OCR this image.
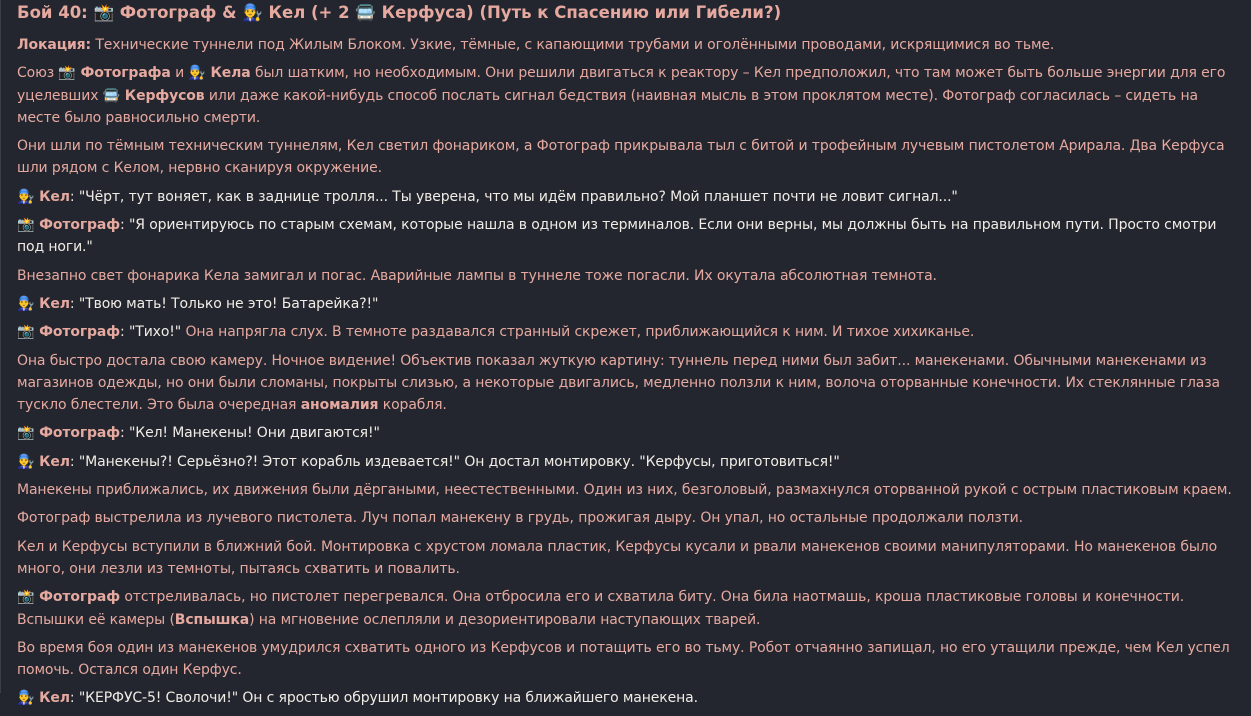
Бой 40: 📸 Фотограф & 👨‍🔧 Кел (+ 2 🚍 Керфуса) (Путь к Спасению или Гибели?)

Локация: Технические туннели под Жилым Блоком. Узкие, тёмные, с капающими трубами и оголёнными проводами, искрящимися во тьме.

Союз 📸 Фотографа и 👨‍🔧 Кела был шатким, но необходимым. Они решили двигаться к реактору – Кел предположил, что там может быть больше энергии для его уцелевших 🚍 Керфусов или даже какой-нибудь способ послать сигнал бедствия (наивная мысль в этом проклятом месте). Фотограф согласилась – сидеть на месте было равносильно смерти.

Они шли по тёмным техническим туннелям, Кел светил фонариком, а Фотограф прикрывала тыл с битой и трофейным лучевым пистолетом Арирала. Два Керфуса шли рядом с Келом, нервно сканируя окружение.

👨‍🔧 Кел: "Чёрт, тут воняет, как в заднице тролля... Ты уверена, что мы идём правильно? Мой планшет почти не ловит сигнал..."

📸 Фотограф: "Я ориентируюсь по старым схемам, которые нашла в одном из терминалов. Если они верны, мы должны быть на правильном пути. Просто смотри под ноги."

Внезапно свет фонарика Кела замигал и погас. Аварийные лампы в туннеле тоже погасли. Их окутала абсолютная темнота.

👨‍🔧 Кел: "Твою мать! Только не это! Батарейка?!"

📸 Фотограф: "Тихо!" Она напрягла слух. В темноте раздавался странный скрежет, приближающийся к ним. И тихое хихиканье.

Она быстро достала свою камеру. Ночное видение! Объектив показал жуткую картину: туннель перед ними был забит... манекенами. Обычными манекенами из магазинов одежды, но они были сломаны, покрыты слизью, а некоторые двигались, медленно ползли к ним, волоча оторванные конечности. Их стеклянные глаза тускло блестели. Это была очередная аномалия корабля.

📸 Фотограф: "Кел! Манекены! Они двигаются!"

👨‍🔧 Кел: "Манекены?! Серьёзно?! Этот корабль издевается!" Он достал монтировку. "Керфусы, приготовиться!"

Манекены приближались, их движения были дёргаными, неестественными. Один из них, безголовый, размахнулся оторванной рукой с острым пластиковым краем.

Фотограф выстрелила из лучевого пистолета. Луч попал манекену в грудь, прожигая дыру. Он упал, но остальные продолжали ползти.

Кел и Керфусы вступили в ближний бой. Монтировка с хрустом ломала пластик, Керфусы кусали и рвали манекенов своими манипуляторами. Но манекенов было много, они лезли из темноты, пытаясь схватить и повалить.

📸 Фотограф отстреливалась, но пистолет перегревался. Она отбросила его и схватила биту. Она била наотмашь, кроша пластиковые головы и конечности. Вспышки её камеры (Вспышка) на мгновение ослепляли и дезориентировали наступающих тварей.

Во время боя один из манекенов умудрился схватить одного из Керфусов и потащить его во тьму. Робот отчаянно запищал, но его утащили прежде, чем Кел успел помочь. Остался один Керфус.

👨‍🔧 Кел: "КЕРФУС-5! Сволочи!" Он с яростью обрушил монтировку на ближайшего манекена.
